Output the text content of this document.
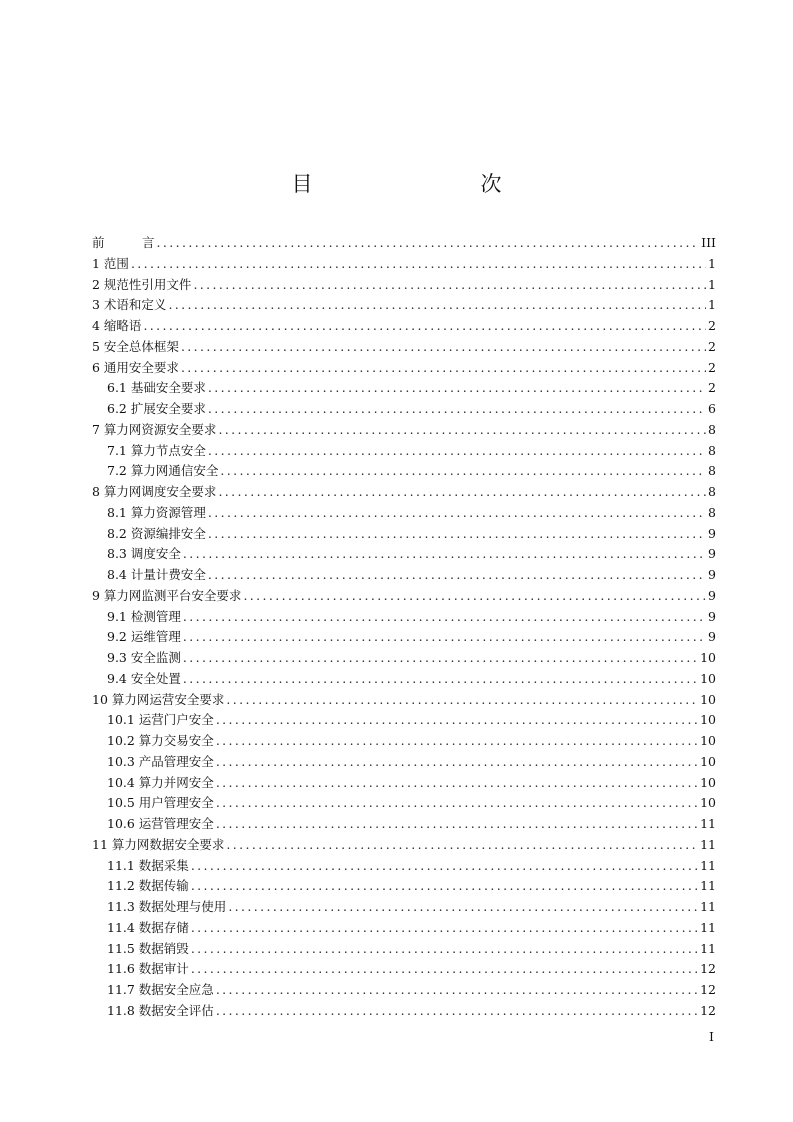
目　　次
前　　　言 .....	III
1 范围 .....	1
2 规范性引用文件 .....	1
3 术语和定义 .....	1
4 缩略语 .....	2
5 安全总体框架 .....	2
6 通用安全要求 .....	2
6.1 基础安全要求 .....	2
6.2 扩展安全要求 .....	6
7 算力网资源安全要求 .....	8
7.1 算力节点安全 .....	8
7.2 算力网通信安全 .....	8
8 算力网调度安全要求 .....	8
8.1 算力资源管理 .....	8
8.2 资源编排安全 .....	9
8.3 调度安全 .....	9
8.4 计量计费安全 .....	9
9 算力网监测平台安全要求 .....	9
9.1 检测管理 .....	9
9.2 运维管理 .....	9
9.3 安全监测 .....	10
9.4 安全处置 .....	10
10 算力网运营安全要求 .....	10
10.1 运营门户安全 .....	10
10.2 算力交易安全 .....	10
10.3 产品管理安全 .....	10
10.4 算力并网安全 .....	10
10.5 用户管理安全 .....	10
10.6 运营管理安全 .....	11
11 算力网数据安全要求 .....	11
11.1 数据采集 .....	11
11.2 数据传输 .....	11
11.3 数据处理与使用 .....	11
11.4 数据存储 .....	11
11.5 数据销毁 .....	11
11.6 数据审计 .....	12
11.7 数据安全应急 .....	12
11.8 数据安全评估 .....	12
I
